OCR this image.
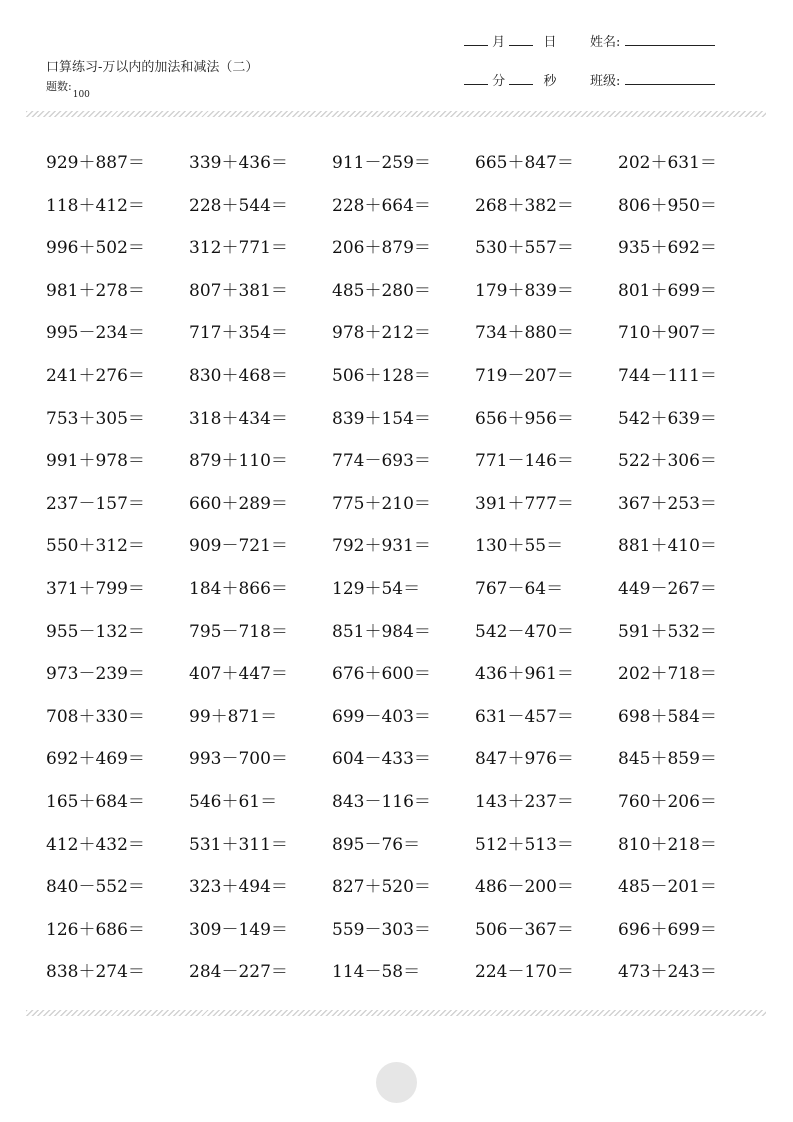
口算练习-万以内的加法和减法（二）
题数$:_{100}$
月	日	姓名:
分	秒	班级:
929＋887＝	339＋436＝	911－259＝	665＋847＝	202＋631＝
118＋412＝	228＋544＝	228＋664＝	268＋382＝	806＋950＝
996＋502＝	312＋771＝	206＋879＝	530＋557＝	935＋692＝
981＋278＝	807＋381＝	485＋280＝	179＋839＝	801＋699＝
995－234＝	717＋354＝	978＋212＝	734＋880＝	710＋907＝
241＋276＝	830＋468＝	506＋128＝	719－207＝	744－111＝
753＋305＝	318＋434＝	839＋154＝	656＋956＝	542＋639＝
991＋978＝	879＋110＝	774－693＝	771－146＝	522＋306＝
237－157＝	660＋289＝	775＋210＝	391＋777＝	367＋253＝
550＋312＝	909－721＝	792＋931＝	130＋55＝	881＋410＝
371＋799＝	184＋866＝	129＋54＝	767－64＝	449－267＝
955－132＝	795－718＝	851＋984＝	542－470＝	591＋532＝
973－239＝	407＋447＝	676＋600＝	436＋961＝	202＋718＝
708＋330＝	99＋871＝	699－403＝	631－457＝	698＋584＝
692＋469＝	993－700＝	604－433＝	847＋976＝	845＋859＝
165＋684＝	546＋61＝	843－116＝	143＋237＝	760＋206＝
412＋432＝	531＋311＝	895－76＝	512＋513＝	810＋218＝
840－552＝	323＋494＝	827＋520＝	486－200＝	485－201＝
126＋686＝	309－149＝	559－303＝	506－367＝	696＋699＝
838＋274＝	284－227＝	114－58＝	224－170＝	473＋243＝
